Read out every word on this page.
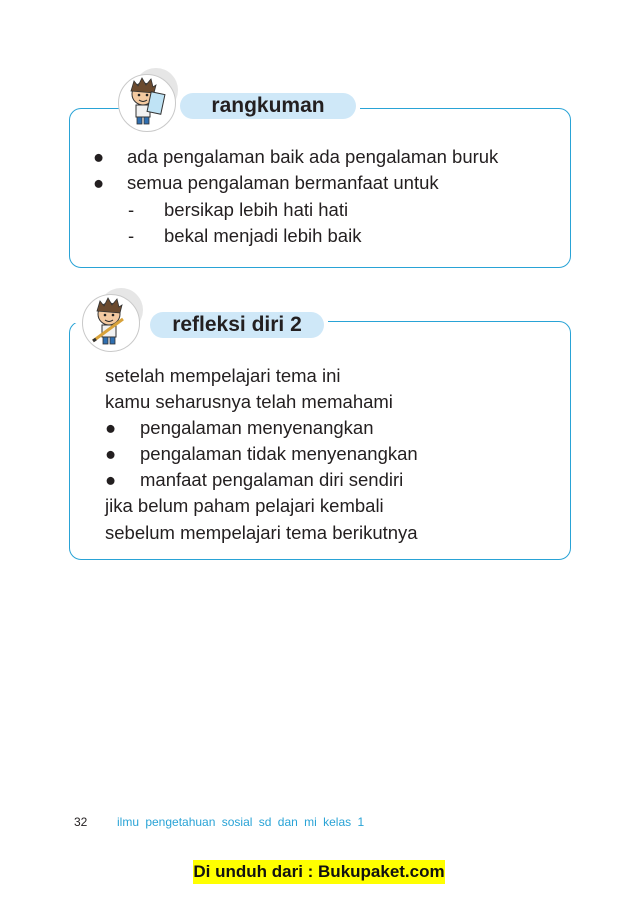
rangkuman
● ada pengalaman baik ada pengalaman buruk
● semua pengalaman bermanfaat untuk
- bersikap lebih hati hati
- bekal menjadi lebih baik
refleksi diri 2
setelah mempelajari tema ini
kamu seharusnya telah memahami
● pengalaman menyenangkan
● pengalaman tidak menyenangkan
● manfaat pengalaman diri sendiri
jika belum paham pelajari kembali
sebelum mempelajari tema berikutnya
32 ilmu pengetahuan sosial sd dan mi kelas 1
Di unduh dari : Bukupaket.com
